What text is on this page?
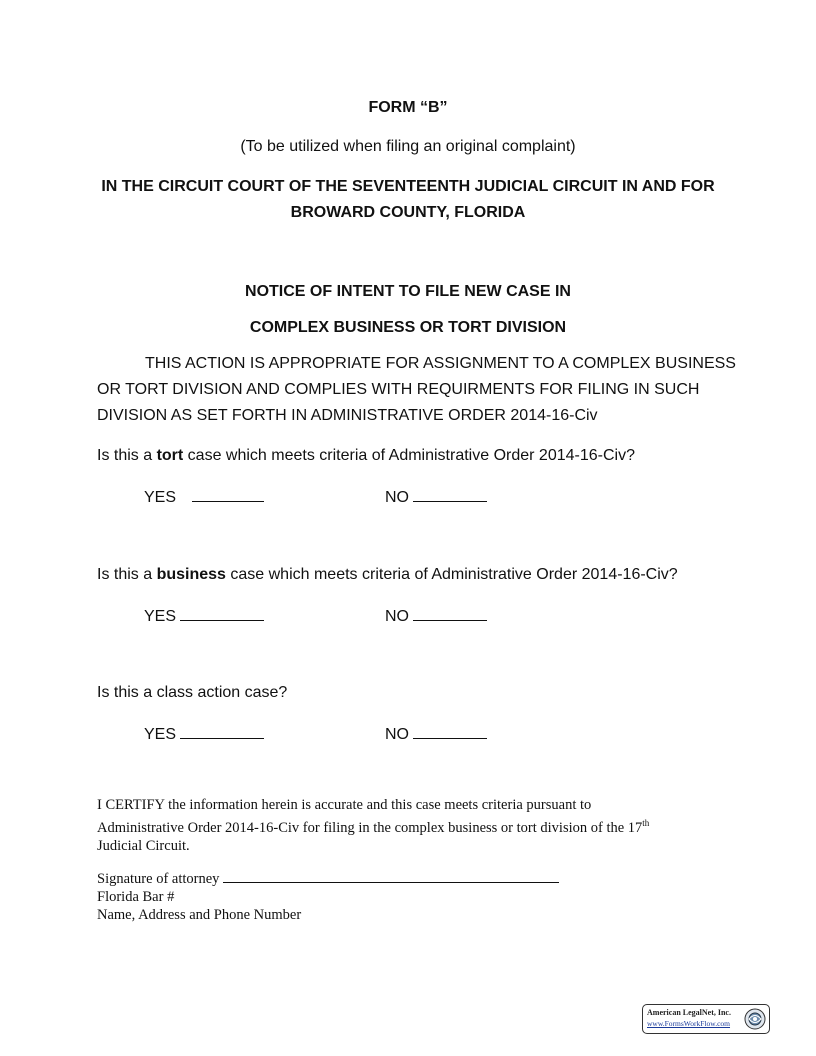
FORM “B”
(To be utilized when filing an original complaint)
IN THE CIRCUIT COURT OF THE SEVENTEENTH JUDICIAL CIRCUIT IN AND FOR
BROWARD COUNTY, FLORIDA
NOTICE OF INTENT TO FILE NEW CASE IN
COMPLEX BUSINESS OR TORT DIVISION
THIS ACTION IS APPROPRIATE FOR ASSIGNMENT TO A COMPLEX BUSINESS
OR TORT DIVISION AND COMPLIES WITH REQUIRMENTS FOR FILING IN SUCH
DIVISION AS SET FORTH IN ADMINISTRATIVE ORDER 2014-16-Civ
Is this a tort case which meets criteria of Administrative Order 2014-16-Civ?
YES	NO
Is this a business case which meets criteria of Administrative Order 2014-16-Civ?
YES	NO
Is this a class action case?
YES	NO
I CERTIFY the information herein is accurate and this case meets criteria pursuant to
Administrative Order 2014-16-Civ for filing in the complex business or tort division of the 17th
Judicial Circuit.
Signature of attorney
Florida Bar #
Name, Address and Phone Number
American LegalNet, Inc.
www.FormsWorkFlow.com
